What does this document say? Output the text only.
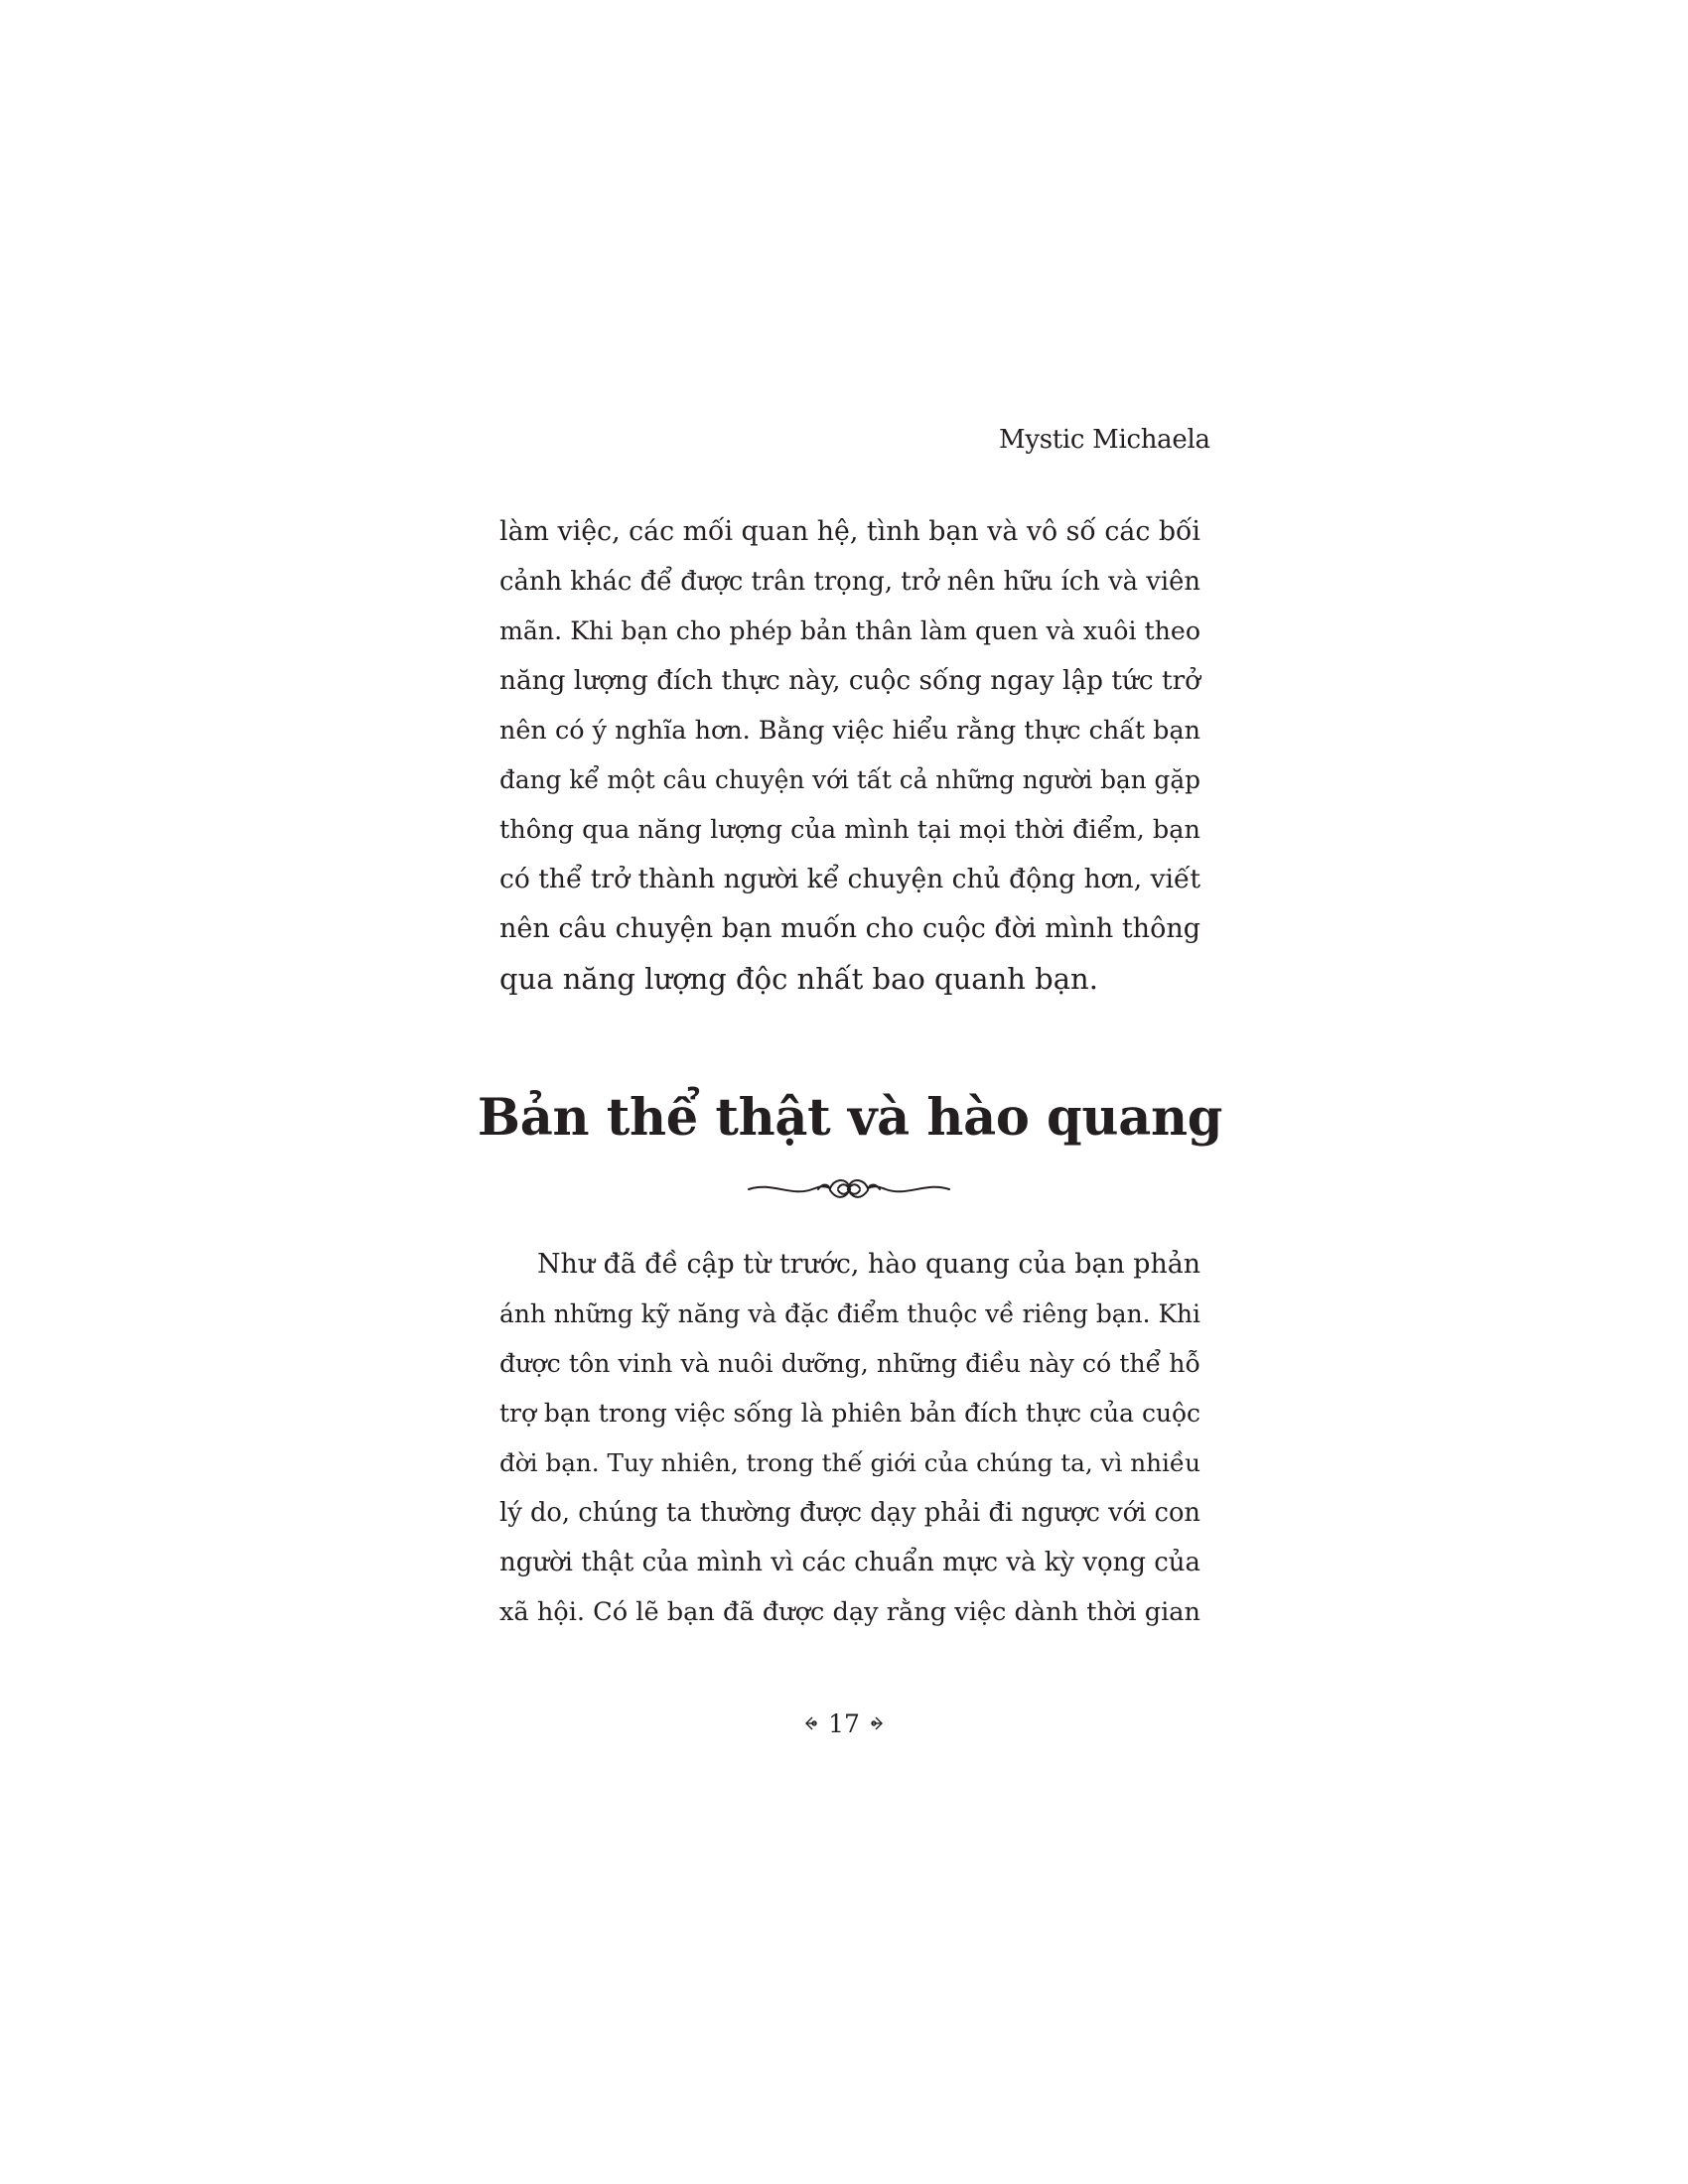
Mystic Michaela
làm việc, các mối quan hệ, tình bạn và vô số các bối
cảnh khác để được trân trọng, trở nên hữu ích và viên
mãn. Khi bạn cho phép bản thân làm quen và xuôi theo
năng lượng đích thực này, cuộc sống ngay lập tức trở
nên có ý nghĩa hơn. Bằng việc hiểu rằng thực chất bạn
đang kể một câu chuyện với tất cả những người bạn gặp
thông qua năng lượng của mình tại mọi thời điểm, bạn
có thể trở thành người kể chuyện chủ động hơn, viết
nên câu chuyện bạn muốn cho cuộc đời mình thông
qua năng lượng độc nhất bao quanh bạn.
Bản thể thật và hào quang
Như đã đề cập từ trước, hào quang của bạn phản
ánh những kỹ năng và đặc điểm thuộc về riêng bạn. Khi
được tôn vinh và nuôi dưỡng, những điều này có thể hỗ
trợ bạn trong việc sống là phiên bản đích thực của cuộc
đời bạn. Tuy nhiên, trong thế giới của chúng ta, vì nhiều
lý do, chúng ta thường được dạy phải đi ngược với con
người thật của mình vì các chuẩn mực và kỳ vọng của
xã hội. Có lẽ bạn đã được dạy rằng việc dành thời gian
17
